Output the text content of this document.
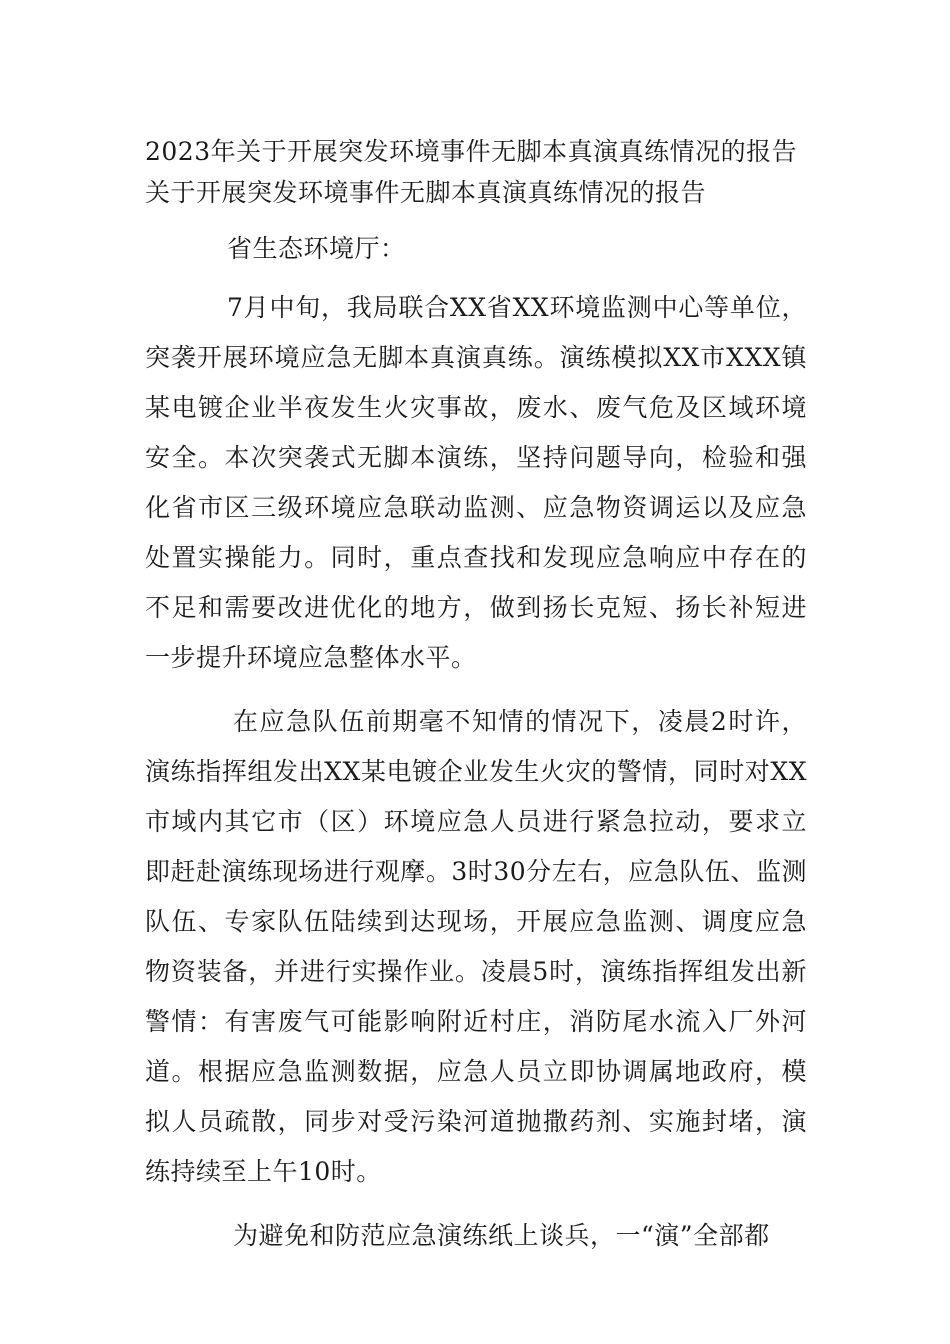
2023年关于开展突发环境事件无脚本真演真练情况的报告
关于开展突发环境事件无脚本真演真练情况的报告

省生态环境厅：

7月中旬，我局联合XX省XX环境监测中心等单位，突袭开展环境应急无脚本真演真练。演练模拟XX市XXX镇某电镀企业半夜发生火灾事故，废水、废气危及区域环境安全。本次突袭式无脚本演练，坚持问题导向，检验和强化省市区三级环境应急联动监测、应急物资调运以及应急处置实操能力。同时，重点查找和发现应急响应中存在的不足和需要改进优化的地方，做到扬长克短、扬长补短进一步提升环境应急整体水平。

在应急队伍前期毫不知情的情况下，凌晨2时许，演练指挥组发出XX某电镀企业发生火灾的警情，同时对XX市域内其它市（区）环境应急人员进行紧急拉动，要求立即赶赴演练现场进行观摩。3时30分左右，应急队伍、监测队伍、专家队伍陆续到达现场，开展应急监测、调度应急物资装备，并进行实操作业。凌晨5时，演练指挥组发出新警情：有害废气可能影响附近村庄，消防尾水流入厂外河道。根据应急监测数据，应急人员立即协调属地政府，模拟人员疏散，同步对受污染河道抛撒药剂、实施封堵，演练持续至上午10时。

为避免和防范应急演练纸上谈兵，一“演”全部都
